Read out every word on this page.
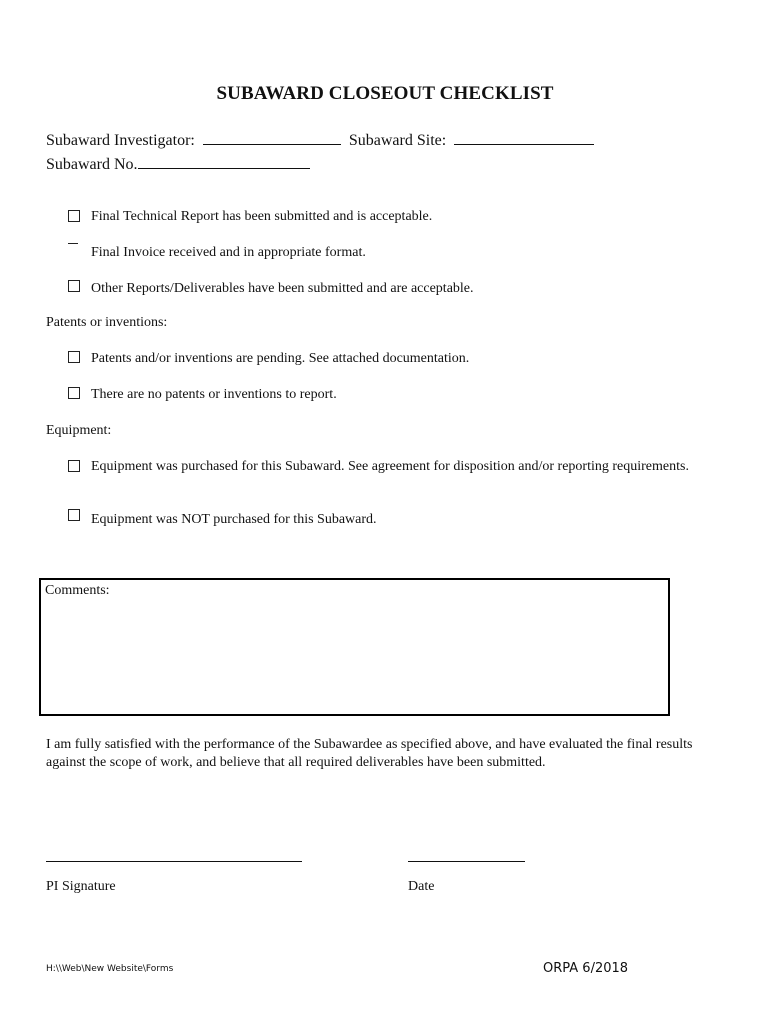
SUBAWARD CLOSEOUT CHECKLIST
Subaward Investigator:	Subaward Site:
Subaward No.
Final Technical Report has been submitted and is acceptable.
Final Invoice received and in appropriate format.
Other Reports/Deliverables have been submitted and are acceptable.
Patents or inventions:
Patents and/or inventions are pending. See attached documentation.
There are no patents or inventions to report.
Equipment:
Equipment was purchased for this Subaward. See agreement for disposition and/or reporting requirements.
Equipment was NOT purchased for this Subaward.
Comments:
I am fully satisfied with the performance of the Subawardee as specified above, and have evaluated the final results against the scope of work, and believe that all required deliverables have been submitted.
PI Signature	Date
H:\\Web\New Website\Forms	ORPA 6/2018
